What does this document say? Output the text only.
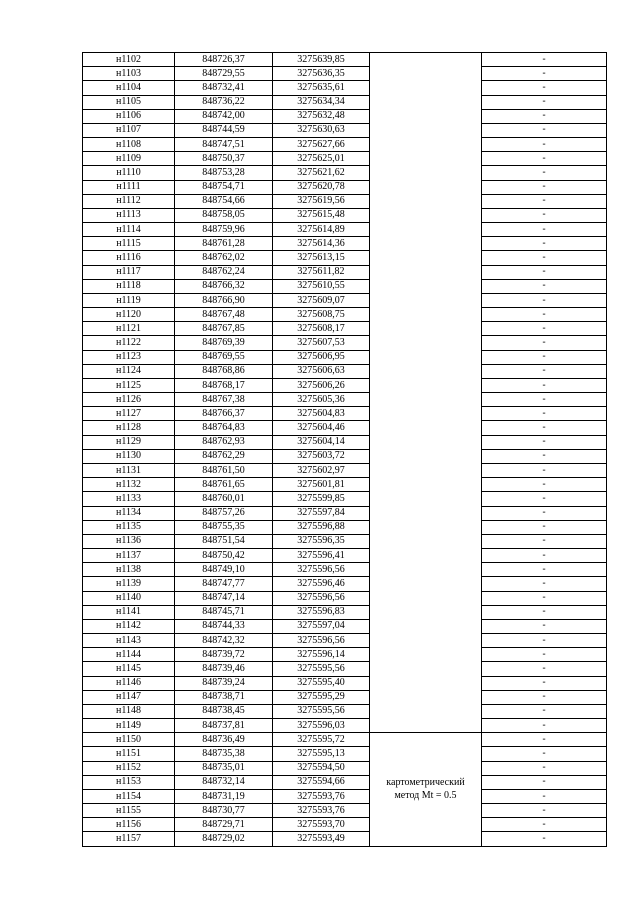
н1102	848726,37	3275639,85		-
н1103	848729,55	3275636,35		-
н1104	848732,41	3275635,61		-
н1105	848736,22	3275634,34		-
н1106	848742,00	3275632,48		-
н1107	848744,59	3275630,63		-
н1108	848747,51	3275627,66		-
н1109	848750,37	3275625,01		-
н1110	848753,28	3275621,62		-
н1111	848754,71	3275620,78		-
н1112	848754,66	3275619,56		-
н1113	848758,05	3275615,48		-
н1114	848759,96	3275614,89		-
н1115	848761,28	3275614,36		-
н1116	848762,02	3275613,15		-
н1117	848762,24	3275611,82		-
н1118	848766,32	3275610,55		-
н1119	848766,90	3275609,07		-
н1120	848767,48	3275608,75		-
н1121	848767,85	3275608,17		-
н1122	848769,39	3275607,53		-
н1123	848769,55	3275606,95		-
н1124	848768,86	3275606,63		-
н1125	848768,17	3275606,26		-
н1126	848767,38	3275605,36		-
н1127	848766,37	3275604,83		-
н1128	848764,83	3275604,46		-
н1129	848762,93	3275604,14		-
н1130	848762,29	3275603,72		-
н1131	848761,50	3275602,97		-
н1132	848761,65	3275601,81		-
н1133	848760,01	3275599,85		-
н1134	848757,26	3275597,84		-
н1135	848755,35	3275596,88		-
н1136	848751,54	3275596,35		-
н1137	848750,42	3275596,41		-
н1138	848749,10	3275596,56		-
н1139	848747,77	3275596,46		-
н1140	848747,14	3275596,56		-
н1141	848745,71	3275596,83		-
н1142	848744,33	3275597,04		-
н1143	848742,32	3275596,56		-
н1144	848739,72	3275596,14		-
н1145	848739,46	3275595,56		-
н1146	848739,24	3275595,40		-
н1147	848738,71	3275595,29		-
н1148	848738,45	3275595,56		-
н1149	848737,81	3275596,03		-
н1150	848736,49	3275595,72	картометрический метод Mt = 0.5	-
н1151	848735,38	3275595,13		-
н1152	848735,01	3275594,50		-
н1153	848732,14	3275594,66		-
н1154	848731,19	3275593,76		-
н1155	848730,77	3275593,76		-
н1156	848729,71	3275593,70		-
н1157	848729,02	3275593,49		-
